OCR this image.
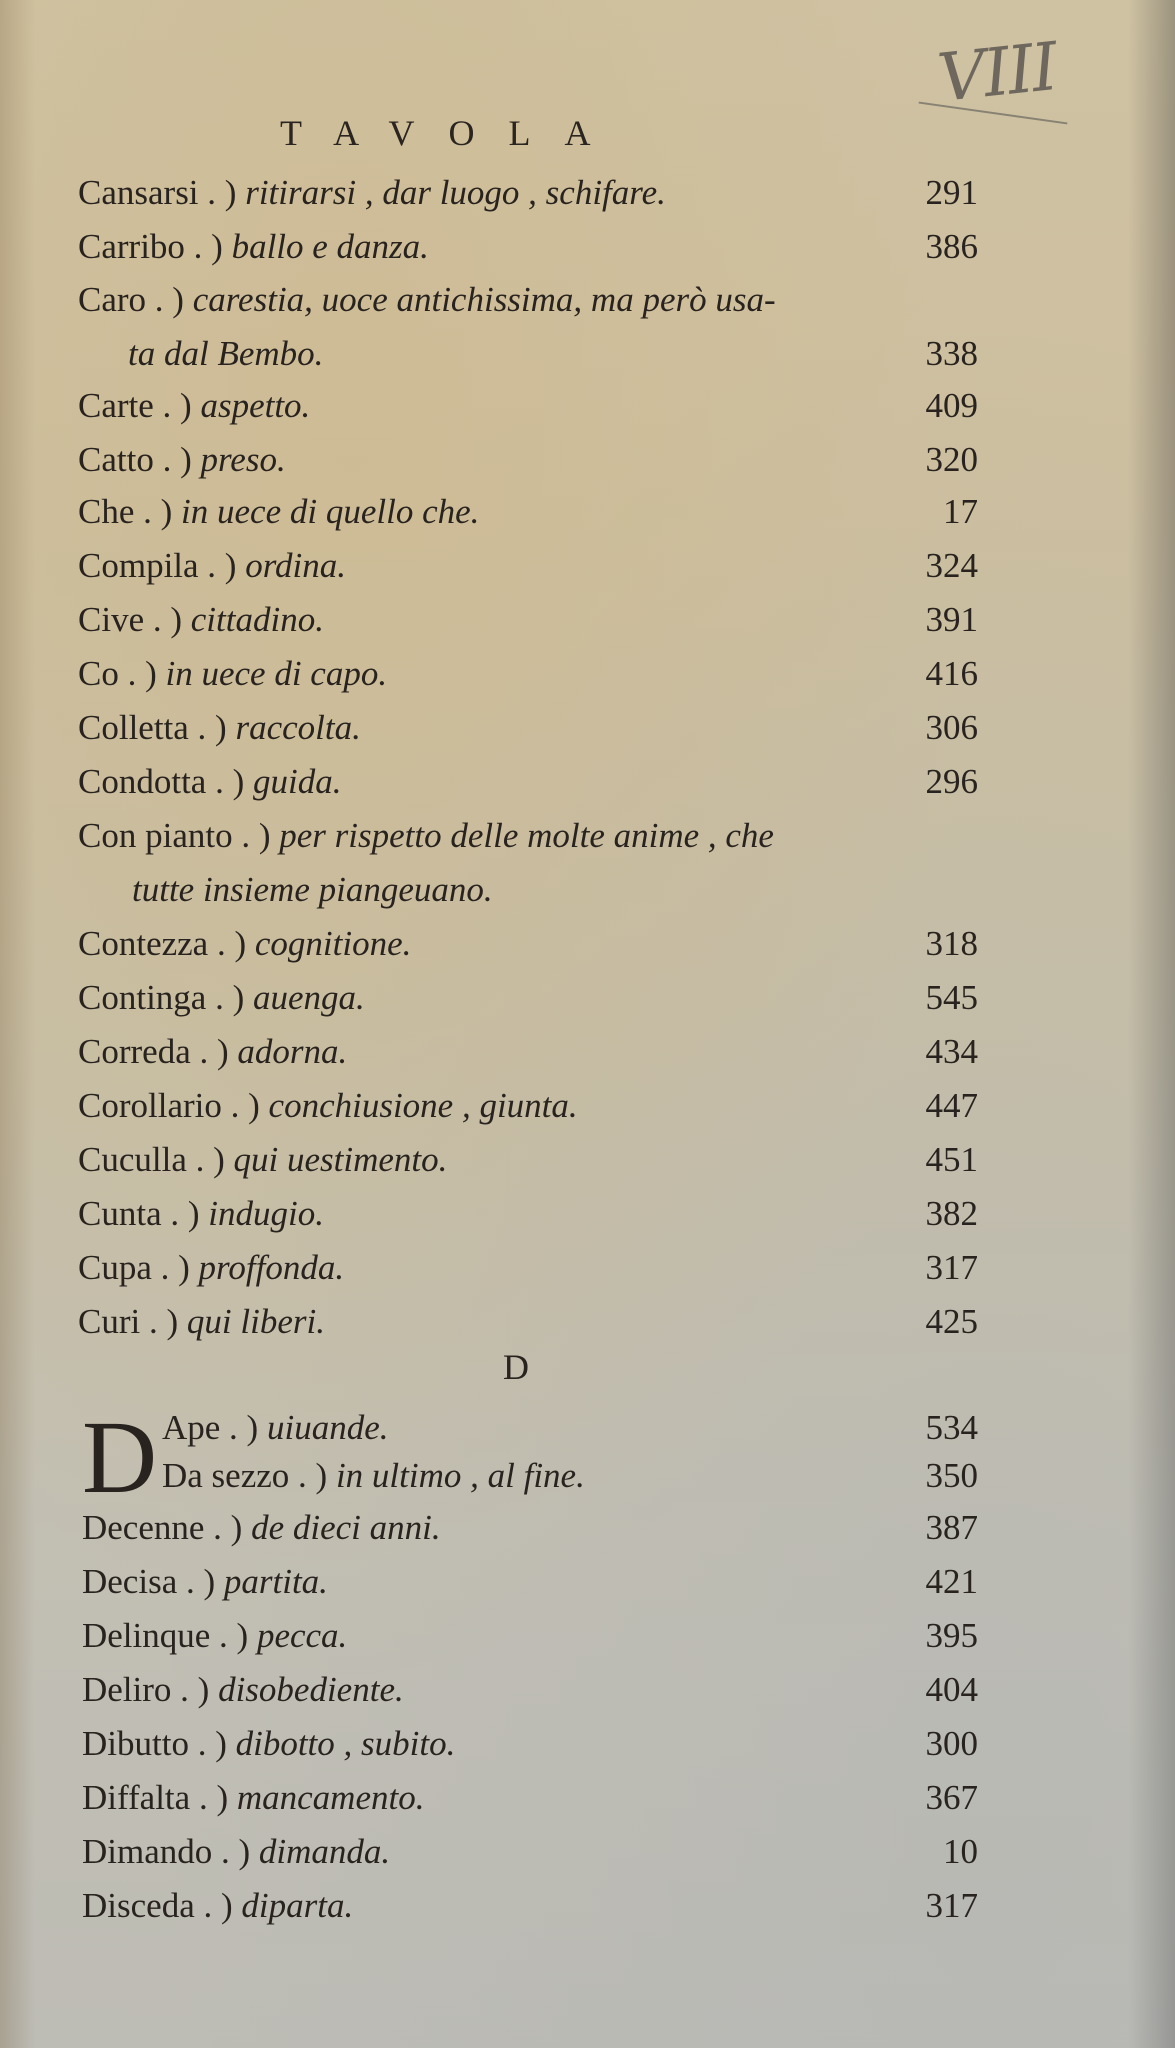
VIII
TAVOLA
Cansarsi . ) ritirarsi , dar luogo , schifare.	291
Carribo . ) ballo e danza.	386
Caro . ) carestia, uoce antichissima, ma però usa-
ta dal Bembo.	338
Carte . ) aspetto.	409
Catto . ) preso.	320
Che . ) in uece di quello che.	17
Compila . ) ordina.	324
Cive . ) cittadino.	391
Co . ) in uece di capo.	416
Colletta . ) raccolta.	306
Condotta . ) guida.	296
Con pianto . ) per rispetto delle molte anime , che
tutte insieme piangeuano.
Contezza . ) cognitione.	318
Continga . ) auenga.	545
Correda . ) adorna.	434
Corollario . ) conchiusione , giunta.	447
Cuculla . ) qui uestimento.	451
Cunta . ) indugio.	382
Cupa . ) proffonda.	317
Curi . ) qui liberi.	425
D
D Ape . ) uiuande.	534
Da sezzo . ) in ultimo , al fine.	350
Decenne . ) de dieci anni.	387
Decisa . ) partita.	421
Delinque . ) pecca.	395
Deliro . ) disobediente.	404
Dibutto . ) dibotto , subito.	300
Diffalta . ) mancamento.	367
Dimando . ) dimanda.	10
Disceda . ) diparta.	317
